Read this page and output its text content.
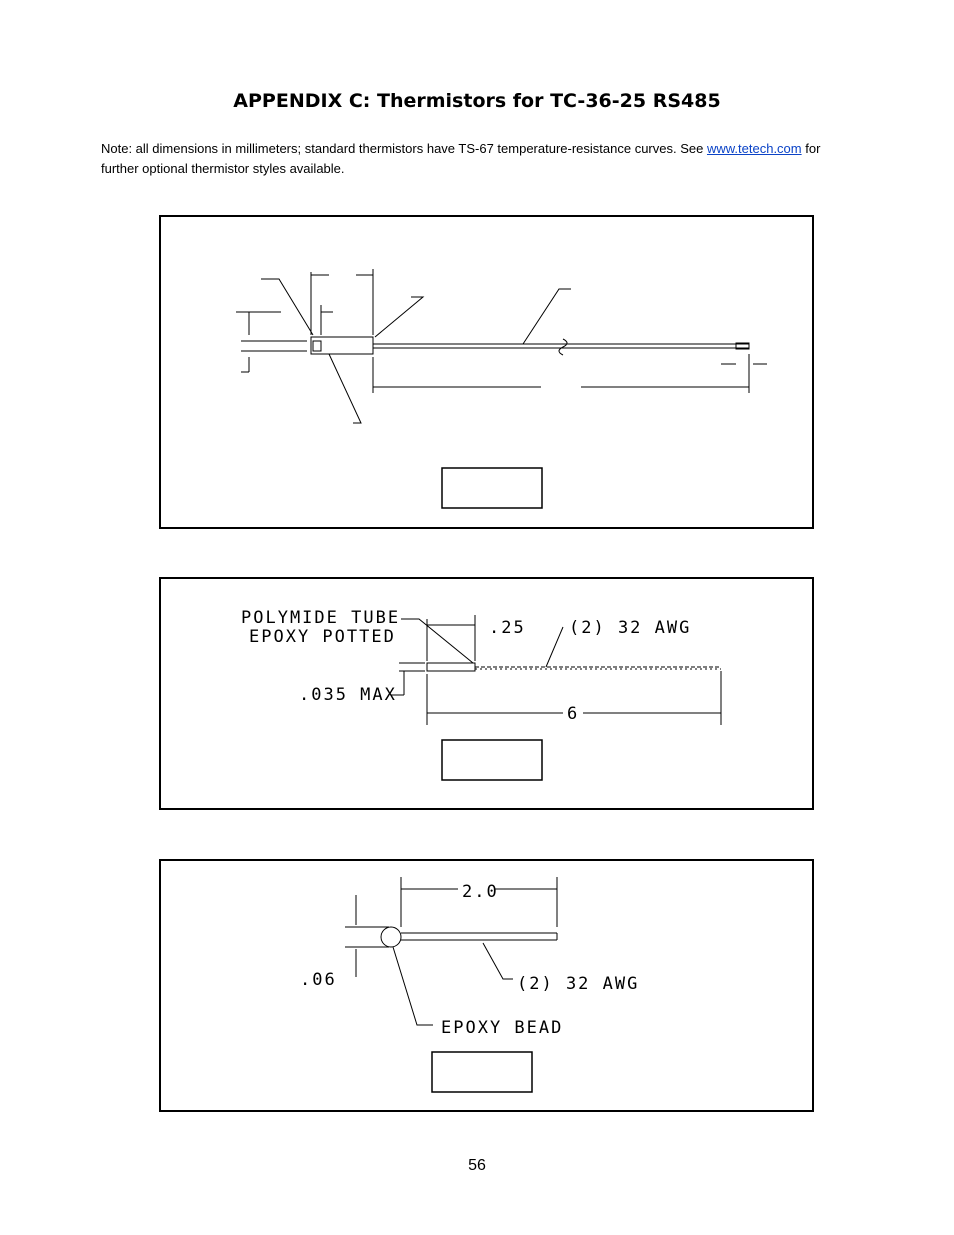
APPENDIX C: Thermistors for TC-36-25 RS485
Note: all dimensions in millimeters; standard thermistors have TS-67 temperature-resistance curves. See www.tetech.com for further optional thermistor styles available.
POLYMIDE TUBE
EPOXY POTTED	.25	(2) 32 AWG
.035 MAX
6
2.0
.06	(2) 32 AWG
EPOXY BEAD
56
